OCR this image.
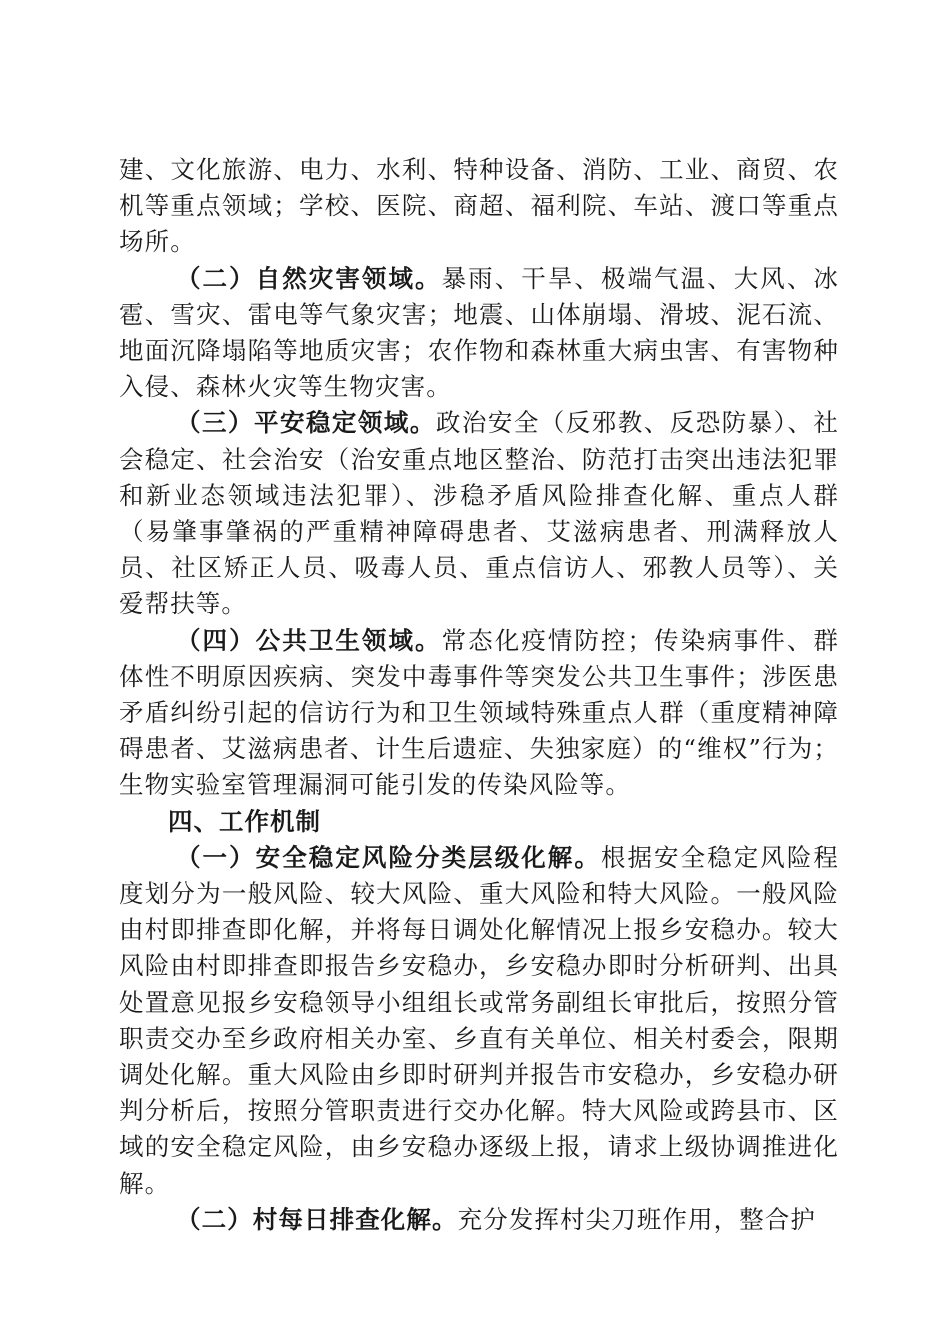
建、文化旅游、电力、水利、特种设备、消防、工业、商贸、农机等重点领域；学校、医院、商超、福利院、车站、渡口等重点场所。

（二）自然灾害领域。暴雨、干旱、极端气温、大风、冰雹、雪灾、雷电等气象灾害；地震、山体崩塌、滑坡、泥石流、地面沉降塌陷等地质灾害；农作物和森林重大病虫害、有害物种入侵、森林火灾等生物灾害。

（三）平安稳定领域。政治安全（反邪教、反恐防暴）、社会稳定、社会治安（治安重点地区整治、防范打击突出违法犯罪和新业态领域违法犯罪）、涉稳矛盾风险排查化解、重点人群（易肇事肇祸的严重精神障碍患者、艾滋病患者、刑满释放人员、社区矫正人员、吸毒人员、重点信访人、邪教人员等）、关爱帮扶等。

（四）公共卫生领域。常态化疫情防控；传染病事件、群体性不明原因疾病、突发中毒事件等突发公共卫生事件；涉医患矛盾纠纷引起的信访行为和卫生领域特殊重点人群（重度精神障碍患者、艾滋病患者、计生后遗症、失独家庭）的“维权”行为；生物实验室管理漏洞可能引发的传染风险等。

四、工作机制

（一）安全稳定风险分类层级化解。根据安全稳定风险程度划分为一般风险、较大风险、重大风险和特大风险。一般风险由村即排查即化解，并将每日调处化解情况上报乡安稳办。较大风险由村即排查即报告乡安稳办，乡安稳办即时分析研判、出具处置意见报乡安稳领导小组组长或常务副组长审批后，按照分管职责交办至乡政府相关办室、乡直有关单位、相关村委会，限期调处化解。重大风险由乡即时研判并报告市安稳办，乡安稳办研判分析后，按照分管职责进行交办化解。特大风险或跨县市、区域的安全稳定风险，由乡安稳办逐级上报，请求上级协调推进化解。

（二）村每日排查化解。充分发挥村尖刀班作用，整合护
